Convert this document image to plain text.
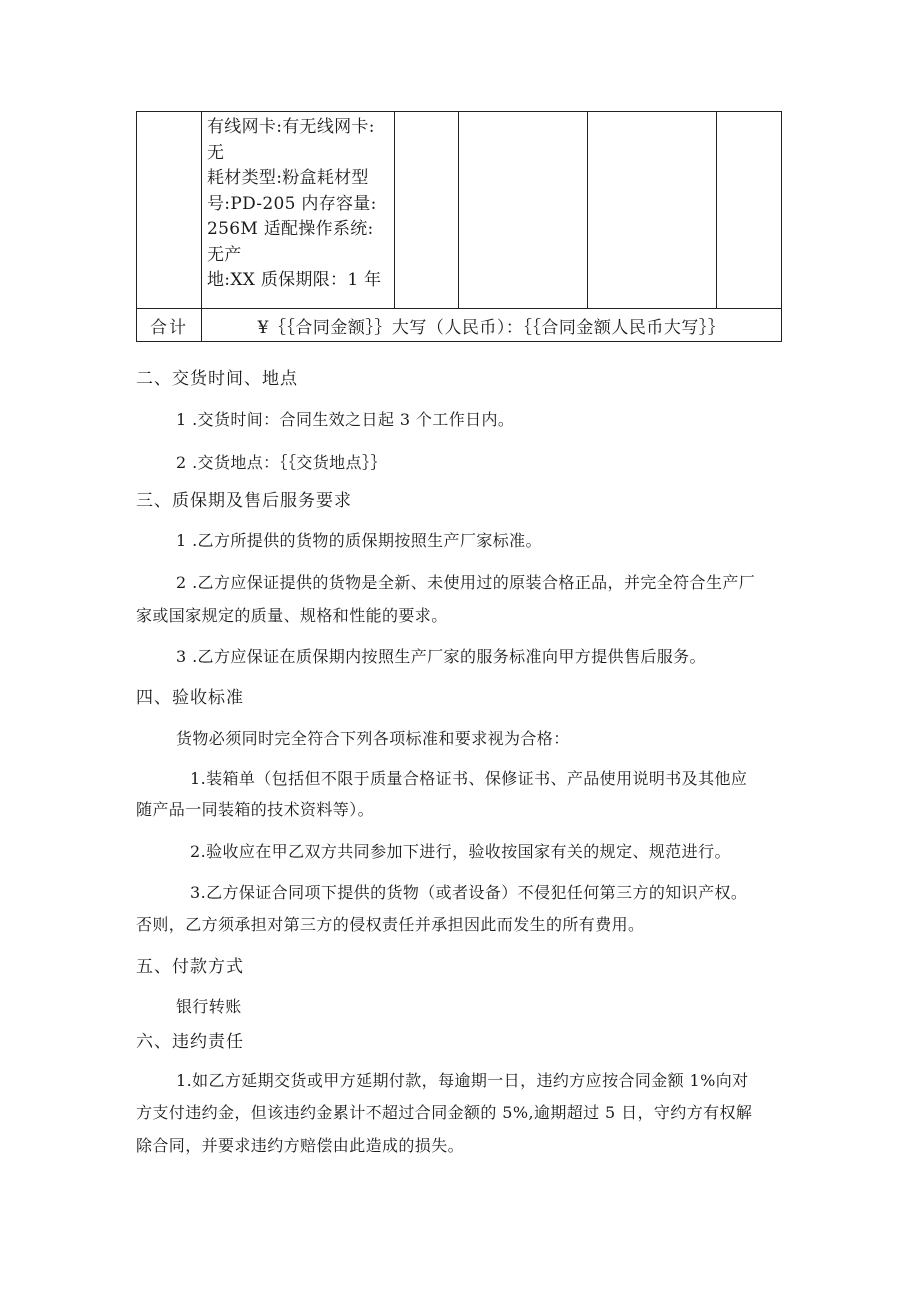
	有线网卡:有无线网卡:无
耗材类型:粉盒耗材型
号:PD-205 内存容量:
256M 适配操作系统:无产
地:XX 质保期限：1 年				

合计	¥｛｛合同金额｝｝大写（人民币）：｛｛合同金额人民币大写｝｝				
二、交货时间、地点
1 .交货时间：合同生效之日起 3 个工作日内。
2 .交货地点：｛｛交货地点｝｝
三、质保期及售后服务要求
1 .乙方所提供的货物的质保期按照生产厂家标准。
2 .乙方应保证提供的货物是全新、未使用过的原装合格正品，并完全符合生产厂
家或国家规定的质量、规格和性能的要求。
3 .乙方应保证在质保期内按照生产厂家的服务标准向甲方提供售后服务。
四、验收标准
货物必须同时完全符合下列各项标准和要求视为合格：
1.装箱单（包括但不限于质量合格证书、保修证书、产品使用说明书及其他应
随产品一同装箱的技术资料等）。
2.验收应在甲乙双方共同参加下进行，验收按国家有关的规定、规范进行。
3.乙方保证合同项下提供的货物（或者设备）不侵犯任何第三方的知识产权。
否则，乙方须承担对第三方的侵权责任并承担因此而发生的所有费用。
五、付款方式
银行转账
六、违约责任
1.如乙方延期交货或甲方延期付款，每逾期一日，违约方应按合同金额 1%向对
方支付违约金，但该违约金累计不超过合同金额的 5%,逾期超过 5 日，守约方有权解
除合同，并要求违约方赔偿由此造成的损失。
